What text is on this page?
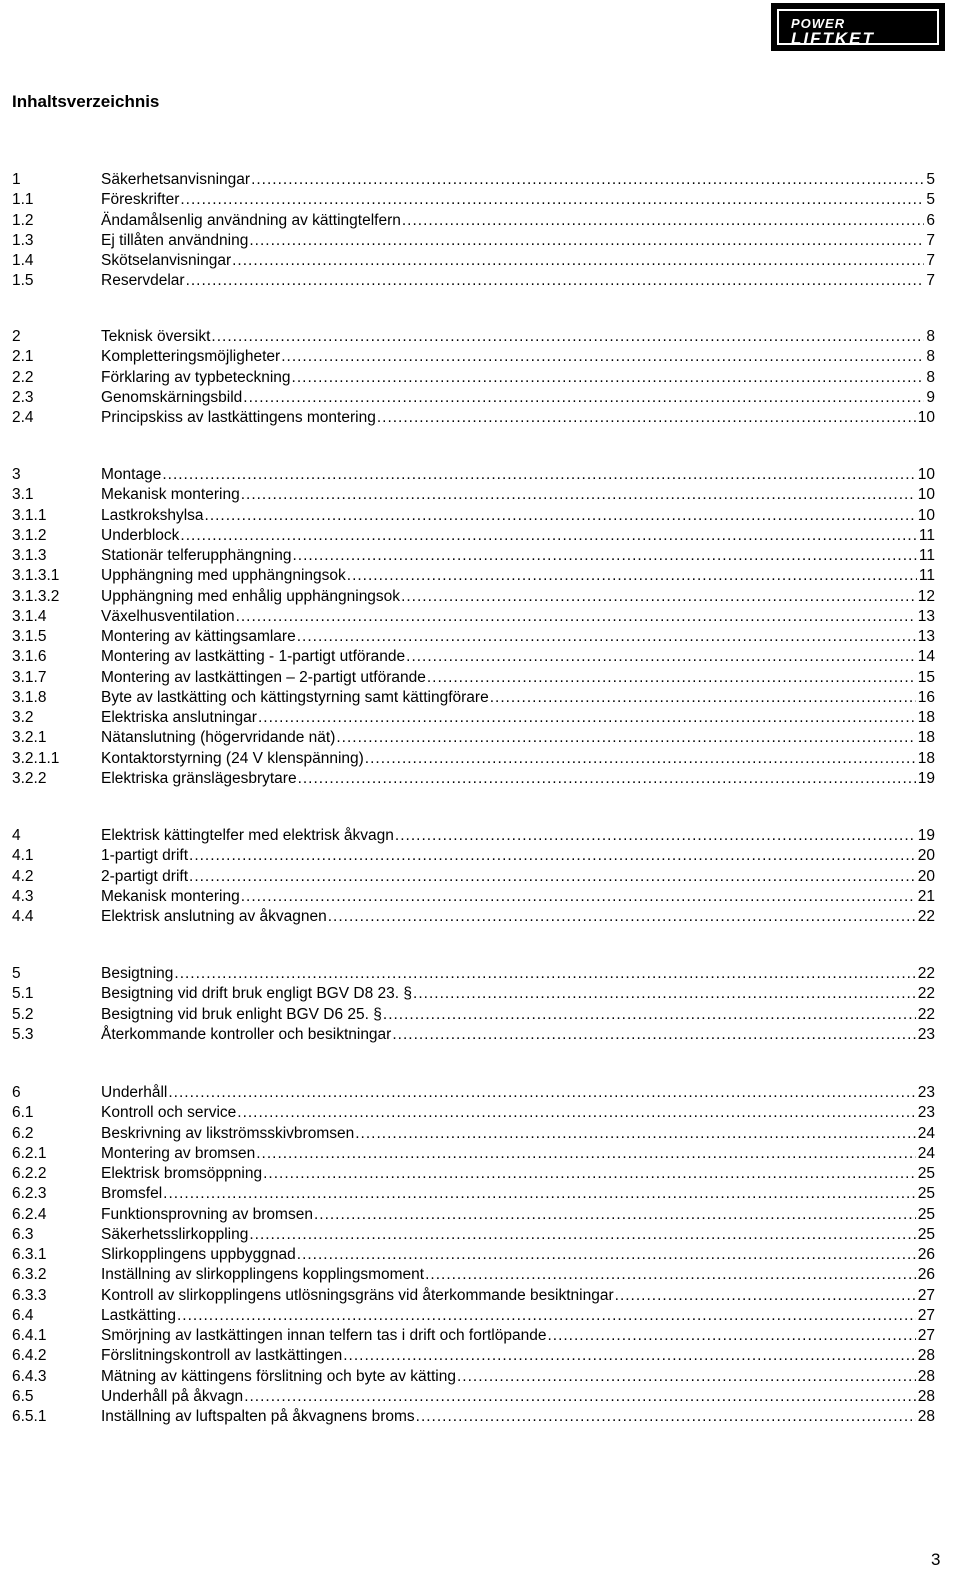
POWER
LIFTKET
Inhaltsverzeichnis
1	Säkerhetsanvisningar .....	5
1.1	Föreskrifter .....	5
1.2	Ändamålsenlig användning av kättingtelfern .....	6
1.3	Ej tillåten användning .....	7
1.4	Skötselanvisningar .....	7
1.5	Reservdelar .....	7
2	Teknisk översikt .....	8
2.1	Kompletteringsmöjligheter .....	8
2.2	Förklaring av typbeteckning .....	8
2.3	Genomskärningsbild .....	9
2.4	Principskiss av lastkättingens montering .....	10
3	Montage .....	10
3.1	Mekanisk montering .....	10
3.1.1	Lastkrokshylsa .....	10
3.1.2	Underblock .....	11
3.1.3	Stationär telferupphängning .....	11
3.1.3.1	Upphängning med upphängningsok .....	11
3.1.3.2	Upphängning med enhålig upphängningsok .....	12
3.1.4	Växelhusventilation .....	13
3.1.5	Montering av kättingsamlare .....	13
3.1.6	Montering av lastkätting - 1-partigt utförande .....	14
3.1.7	Montering av lastkättingen – 2-partigt utförande .....	15
3.1.8	Byte av lastkätting och kättingstyrning samt kättingförare .....	16
3.2	Elektriska anslutningar .....	18
3.2.1	Nätanslutning (högervridande nät) .....	18
3.2.1.1	Kontaktorstyrning (24 V klenspänning) .....	18
3.2.2	Elektriska gränslägesbrytare .....	19
4	Elektrisk kättingtelfer med elektrisk åkvagn .....	19
4.1	1-partigt drift .....	20
4.2	2-partigt drift .....	20
4.3	Mekanisk montering .....	21
4.4	Elektrisk anslutning av åkvagnen .....	22
5	Besigtning .....	22
5.1	Besigtning vid drift bruk engligt BGV D8 23. § .....	22
5.2	Besigtning vid bruk enlight BGV D6 25. § .....	22
5.3	Återkommande kontroller och besiktningar .....	23
6	Underhåll .....	23
6.1	Kontroll och service .....	23
6.2	Beskrivning av likströmsskivbromsen .....	24
6.2.1	Montering av bromsen .....	24
6.2.2	Elektrisk bromsöppning .....	25
6.2.3	Bromsfel .....	25
6.2.4	Funktionsprovning av bromsen .....	25
6.3	Säkerhetsslirkoppling .....	25
6.3.1	Slirkopplingens uppbyggnad .....	26
6.3.2	Inställning av slirkopplingens kopplingsmoment .....	26
6.3.3	Kontroll av slirkopplingens utlösningsgräns vid återkommande besiktningar .....	27
6.4	Lastkätting .....	27
6.4.1	Smörjning av lastkättingen innan telfern tas i drift och fortlöpande .....	27
6.4.2	Förslitningskontroll av lastkättingen .....	28
6.4.3	Mätning av kättingens förslitning och byte av kätting .....	28
6.5	Underhåll på åkvagn .....	28
6.5.1	Inställning av luftspalten på åkvagnens broms .....	28
3
